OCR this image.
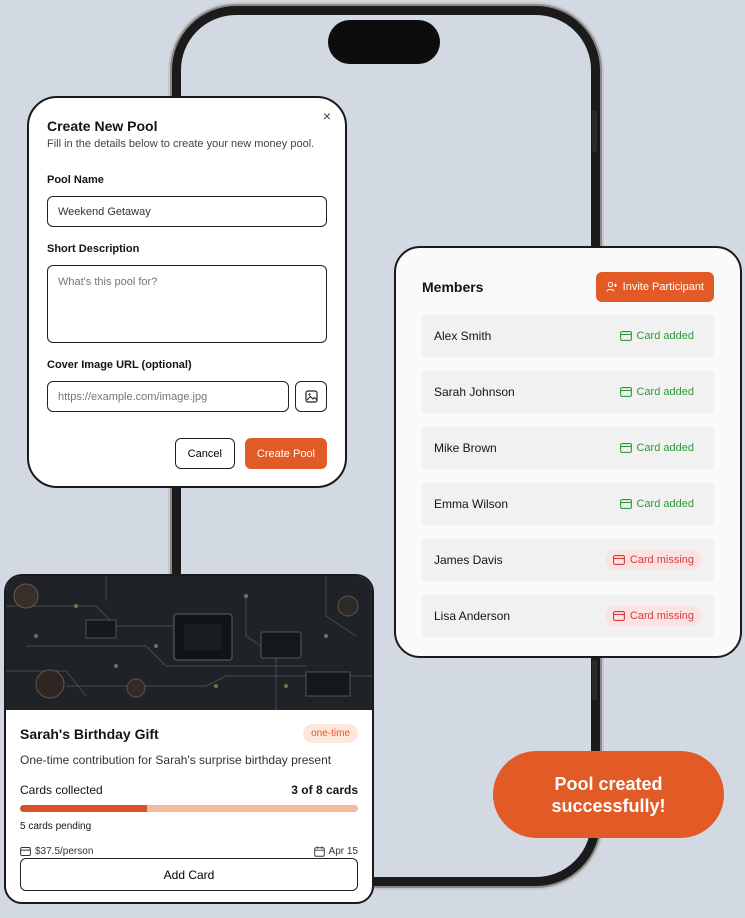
×
Create New Pool

Fill in the details below to create your new money pool.

Pool Name

Weekend Getaway

Short Description

What's this pool for?

Cover Image URL (optional)

https://example.com/image.jpg
Cancel	Create Pool
Members	Invite Participant
Alex Smith	Card added
Sarah Johnson	Card added
Mike Brown	Card added
Emma Wilson	Card added
James Davis	Card missing
Lisa Anderson	Card missing
Sarah's Birthday Gift	one-time

One-time contribution for Sarah's surprise birthday present

Cards collected	3 of 8 cards

5 cards pending

$37.5/person	Apr 15
Add Card
Pool created successfully!
